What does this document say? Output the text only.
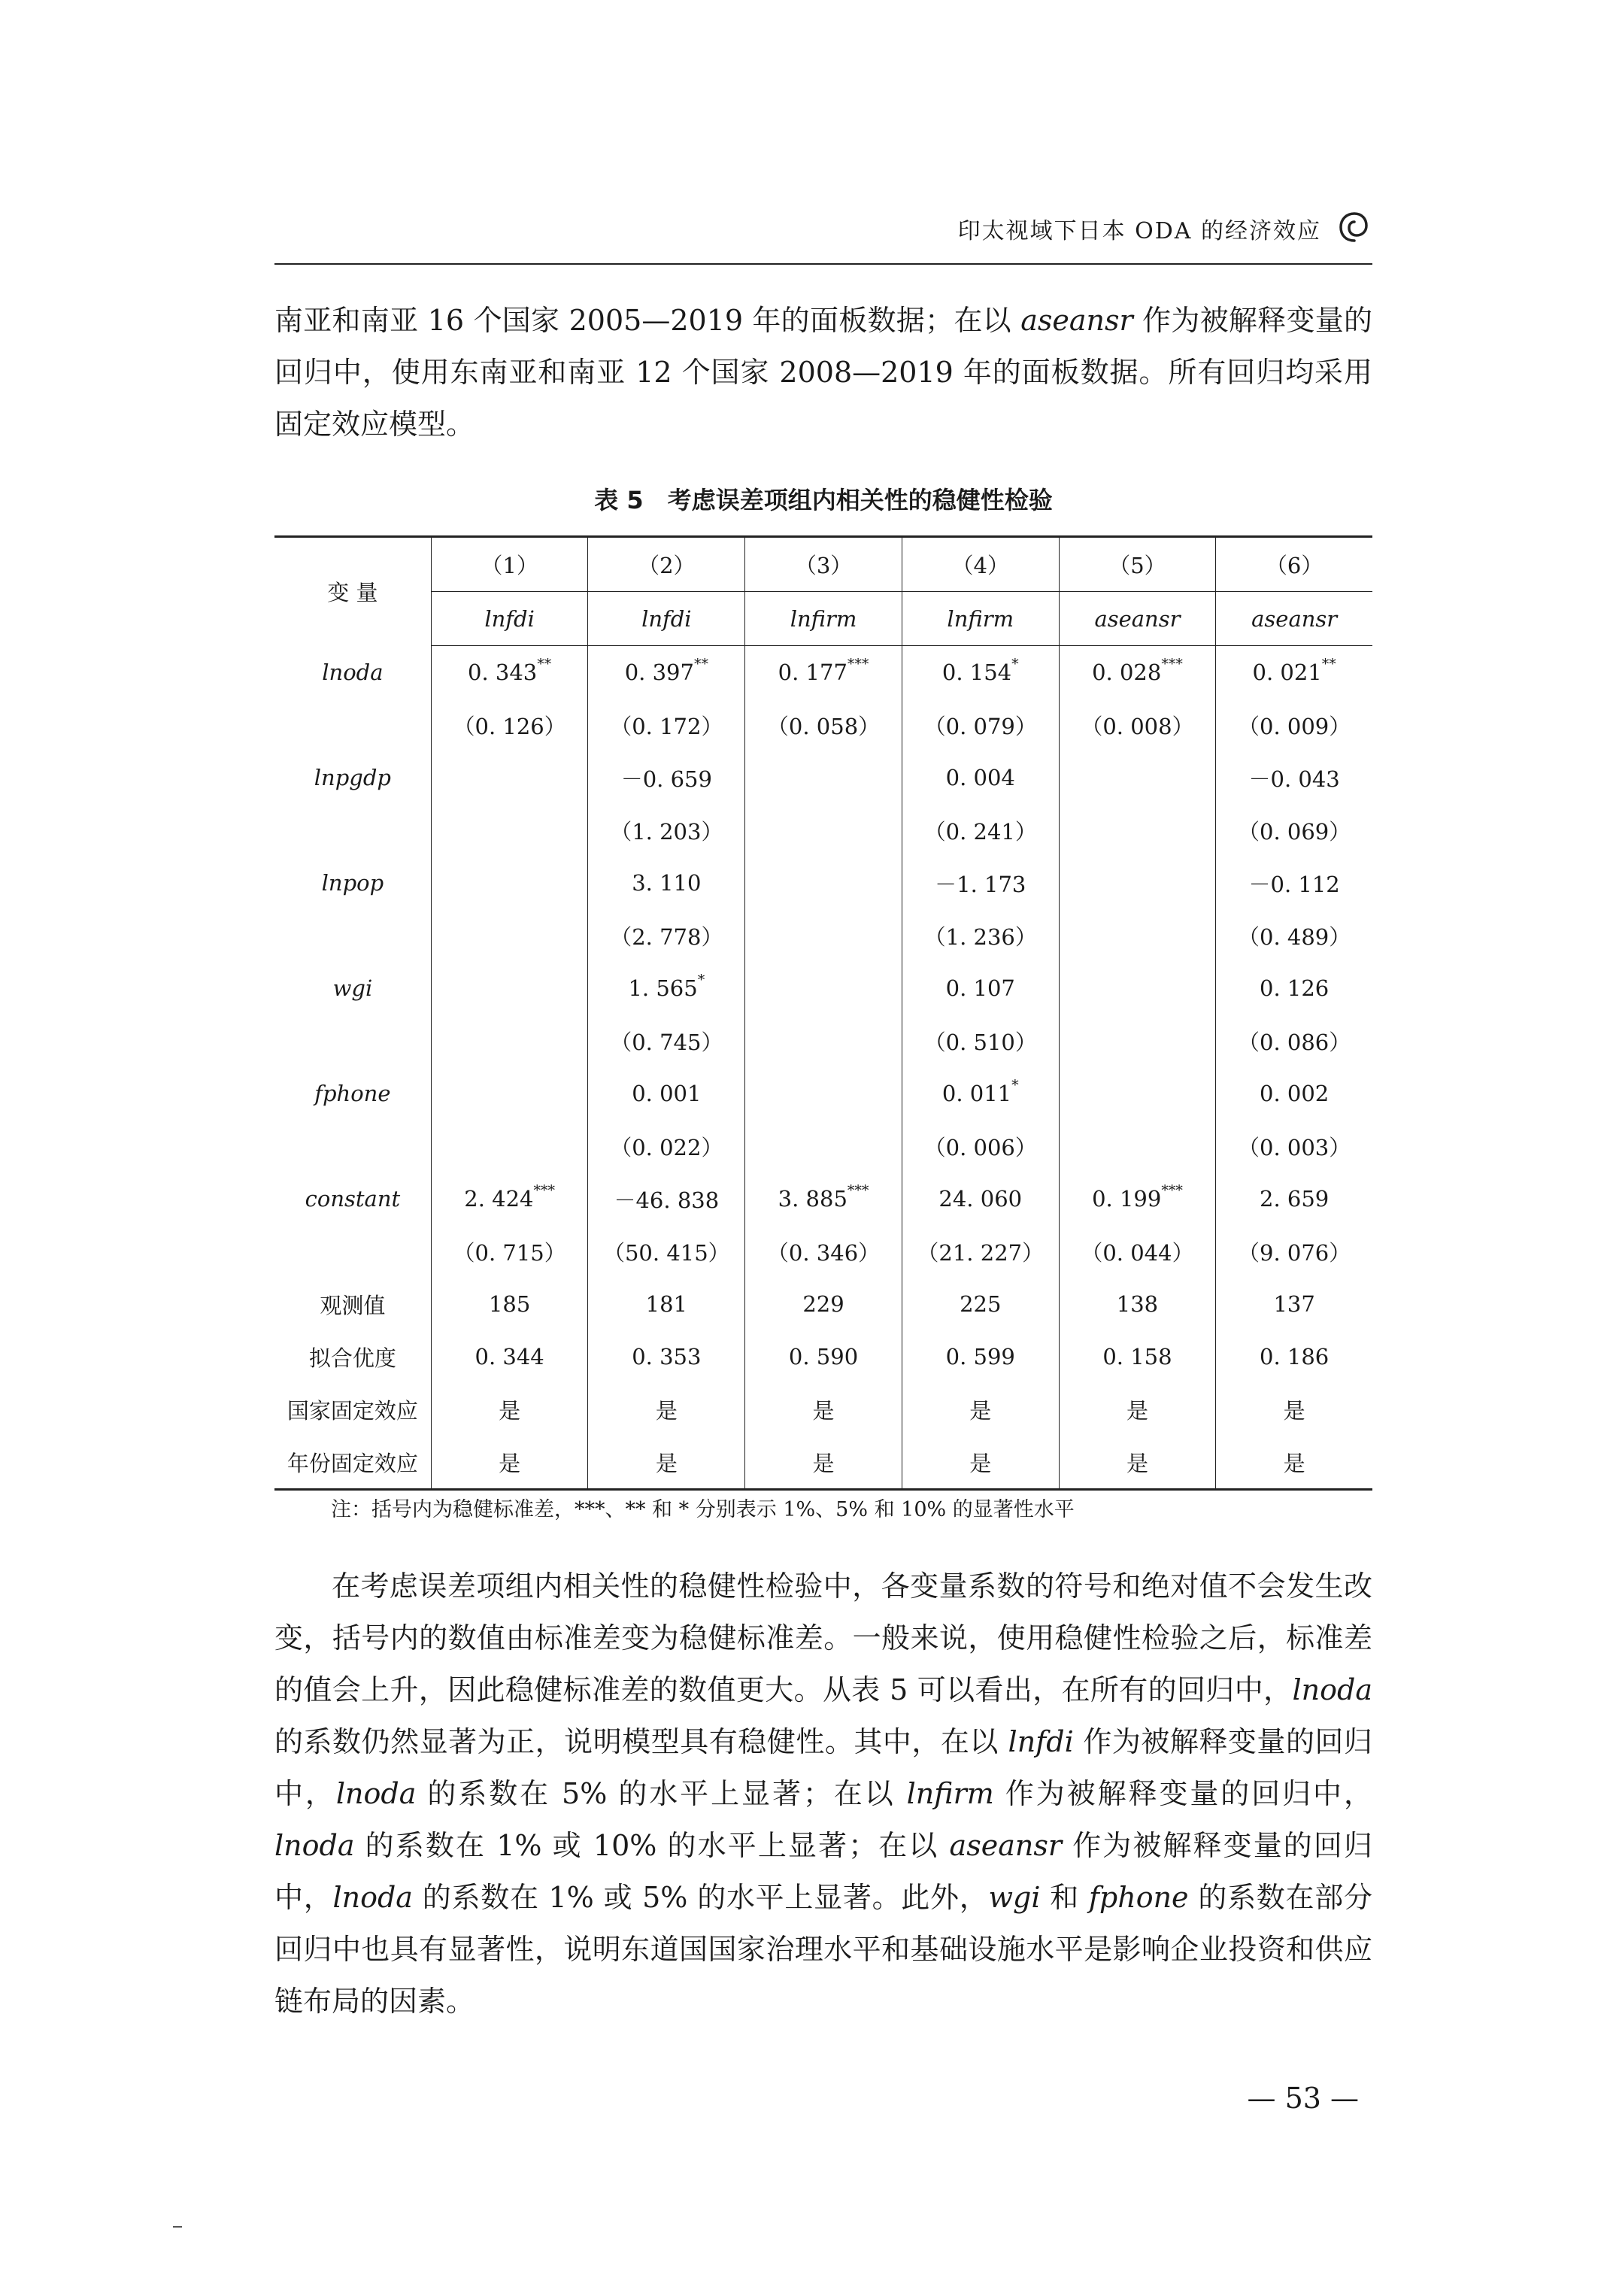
印太视域下日本 ODA 的经济效应

南亚和南亚 16 个国家 2005—2019 年的面板数据；在以 aseansr 作为被解释变量的回归中，使用东南亚和南亚 12 个国家 2008—2019 年的面板数据。所有回归均采用固定效应模型。

表 5　考虑误差项组内相关性的稳健性检验
变 量	（1）	（2）	（3）	（4）	（5）	（6）
	lnfdi	lnfdi	lnfirm	lnfirm	aseansr	aseansr
lnoda	0. 343**	0. 397**	0. 177***	0. 154*	0. 028***	0. 021**
	（0. 126）	（0. 172）	（0. 058）	（0. 079）	（0. 008）	（0. 009）
lnpgdp		－0. 659		0. 004		－0. 043
		（1. 203）		（0. 241）		（0. 069）
lnpop		3. 110		－1. 173		－0. 112
		（2. 778）		（1. 236）		（0. 489）
wgi		1. 565*		0. 107		0. 126
		（0. 745）		（0. 510）		（0. 086）
fphone		0. 001		0. 011*		0. 002
		（0. 022）		（0. 006）		（0. 003）
constant	2. 424***	－46. 838	3. 885***	24. 060	0. 199***	2. 659
	（0. 715）	（50. 415）	（0. 346）	（21. 227）	（0. 044）	（9. 076）
观测值	185	181	229	225	138	137
拟合优度	0. 344	0. 353	0. 590	0. 599	0. 158	0. 186
国家固定效应	是	是	是	是	是	是
年份固定效应	是	是	是	是	是	是
注：括号内为稳健标准差，***、** 和 * 分别表示 1%、5% 和 10% 的显著性水平

在考虑误差项组内相关性的稳健性检验中，各变量系数的符号和绝对值不会发生改变，括号内的数值由标准差变为稳健标准差。一般来说，使用稳健性检验之后，标准差的值会上升，因此稳健标准差的数值更大。从表 5 可以看出，在所有的回归中，lnoda 的系数仍然显著为正，说明模型具有稳健性。其中，在以 lnfdi 作为被解释变量的回归中，lnoda 的系数在 5% 的水平上显著；在以 lnfirm 作为被解释变量的回归中，lnoda 的系数在 1% 或 10% 的水平上显著；在以 aseansr 作为被解释变量的回归中，lnoda 的系数在 1% 或 5% 的水平上显著。此外，wgi 和 fphone 的系数在部分回归中也具有显著性，说明东道国国家治理水平和基础设施水平是影响企业投资和供应链布局的因素。

— 53 —
